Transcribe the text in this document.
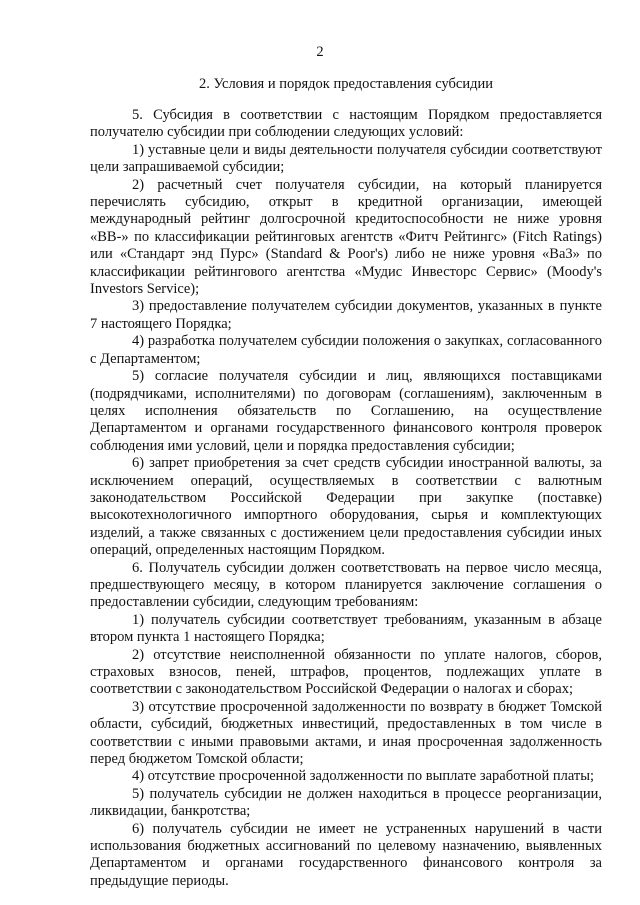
2
2. Условия и порядок предоставления субсидии

5. Субсидия в соответствии с настоящим Порядком предоставляется получателю субсидии при соблюдении следующих условий:

1) уставные цели и виды деятельности получателя субсидии соответствуют цели запрашиваемой субсидии;

2) расчетный счет получателя субсидии, на который планируется перечислять субсидию, открыт в кредитной организации, имеющей международный рейтинг долгосрочной кредитоспособности не ниже уровня «BB-» по классификации рейтинговых агентств «Фитч Рейтингс» (Fitch Ratings) или «Стандарт энд Пурс» (Standard & Poor's) либо не ниже уровня «Ba3» по классификации рейтингового агентства «Мудис Инвесторс Сервис» (Moody's Investors Service);

3) предоставление получателем субсидии документов, указанных в пункте 7 настоящего Порядка;

4) разработка получателем субсидии положения о закупках, согласованного с Департаментом;

5) согласие получателя субсидии и лиц, являющихся поставщиками (подрядчиками, исполнителями) по договорам (соглашениям), заключенным в целях исполнения обязательств по Соглашению, на осуществление Департаментом и органами государственного финансового контроля проверок соблюдения ими условий, цели и порядка предоставления субсидии;

6) запрет приобретения за счет средств субсидии иностранной валюты, за исключением операций, осуществляемых в соответствии с валютным законодательством Российской Федерации при закупке (поставке) высокотехнологичного импортного оборудования, сырья и комплектующих изделий, а также связанных с достижением цели предоставления субсидии иных операций, определенных настоящим Порядком.

6. Получатель субсидии должен соответствовать на первое число месяца, предшествующего месяцу, в котором планируется заключение соглашения о предоставлении субсидии, следующим требованиям:

1) получатель субсидии соответствует требованиям, указанным в абзаце втором пункта 1 настоящего Порядка;

2) отсутствие неисполненной обязанности по уплате налогов, сборов, страховых взносов, пеней, штрафов, процентов, подлежащих уплате в соответствии с законодательством Российской Федерации о налогах и сборах;

3) отсутствие просроченной задолженности по возврату в бюджет Томской области, субсидий, бюджетных инвестиций, предоставленных в том числе в соответствии с иными правовыми актами, и иная просроченная задолженность перед бюджетом Томской области;

4) отсутствие просроченной задолженности по выплате заработной платы;

5) получатель субсидии не должен находиться в процессе реорганизации, ликвидации, банкротства;

6) получатель субсидии не имеет не устраненных нарушений в части использования бюджетных ассигнований по целевому назначению, выявленных Департаментом и органами государственного финансового контроля за предыдущие периоды.
